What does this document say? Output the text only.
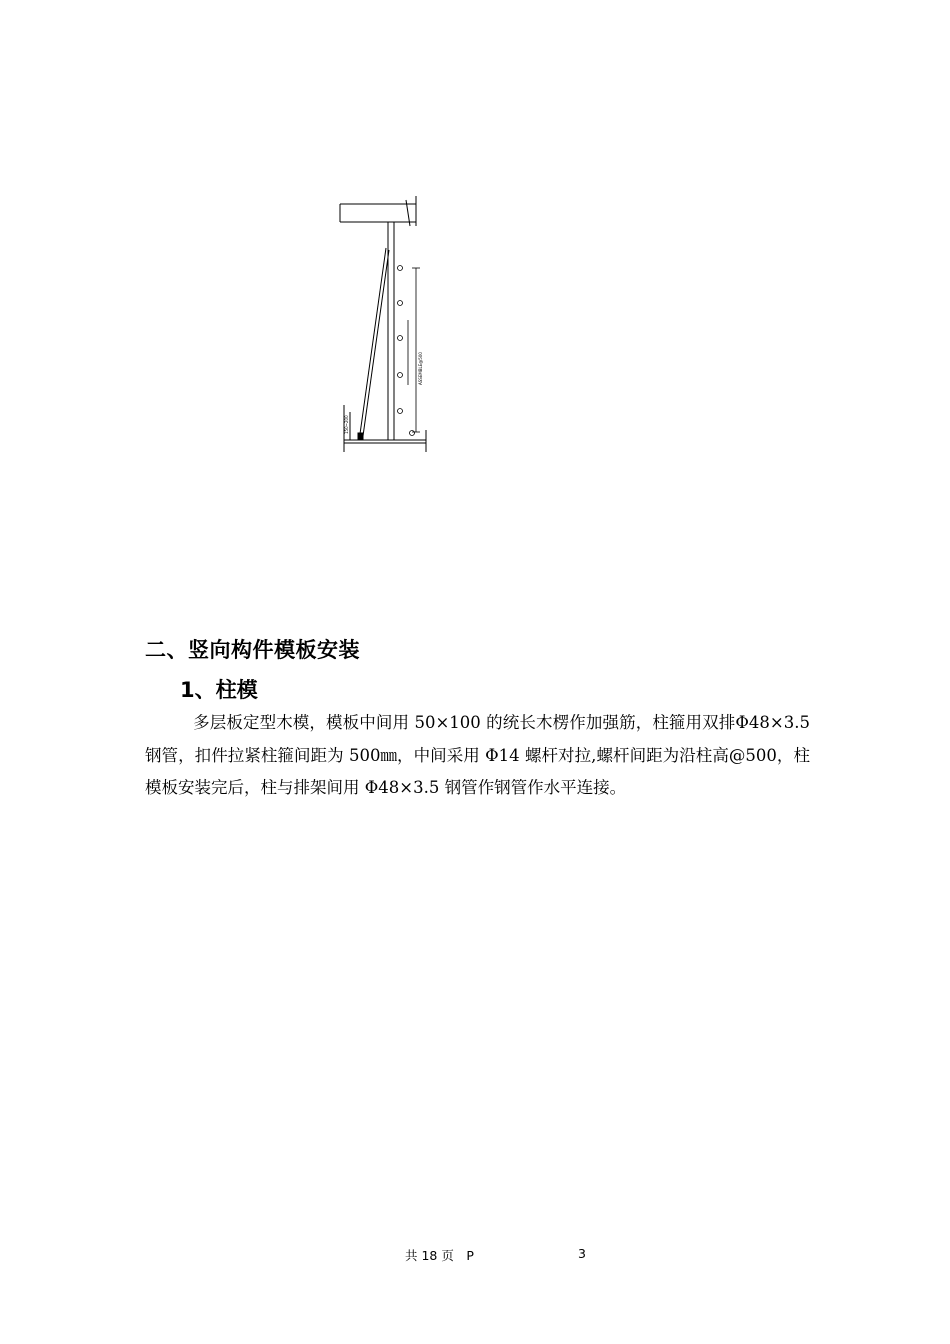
ASSEMBLE@500
150~200
二、竖向构件模板安装
1、柱模

多层板定型木模，模板中间用 50×100 的统长木楞作加强筋，柱箍用双排Φ48×3.5 钢管，扣件拉紧柱箍间距为 500㎜，中间采用 Φ14 螺杆对拉,螺杆间距为沿柱高@500，柱模板安装完后，柱与排架间用 Φ48×3.5 钢管作钢管作水平连接。

共 18 页　P	3
